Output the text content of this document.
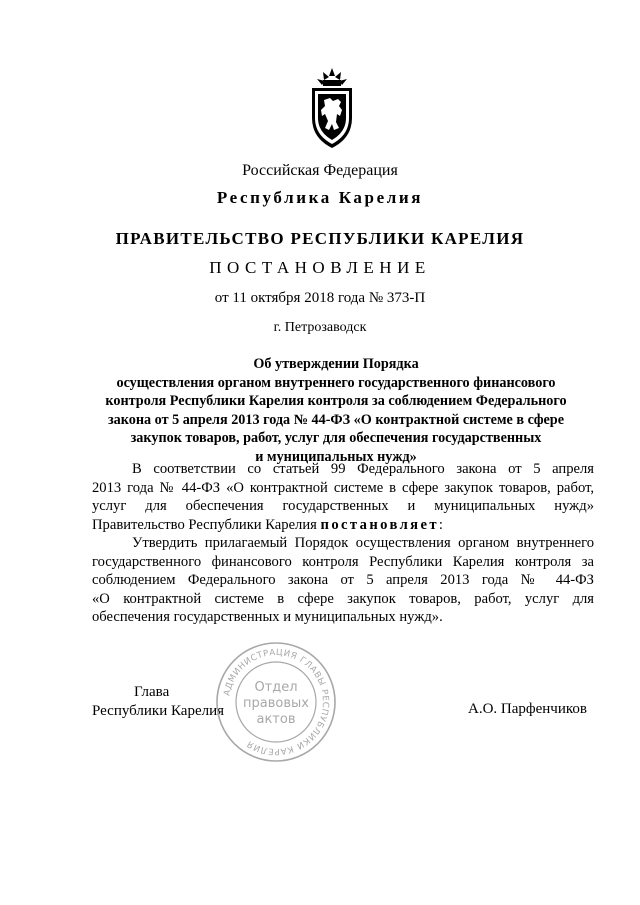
Российская Федерация
Республика Карелия
ПРАВИТЕЛЬСТВО РЕСПУБЛИКИ КАРЕЛИЯ
ПОСТАНОВЛЕНИЕ
от 11 октября 2018 года № 373-П
г. Петрозаводск
Об утверждении Порядка
осуществления органом внутреннего государственного финансового
контроля Республики Карелия контроля за соблюдением Федерального
закона от 5 апреля 2013 года № 44-ФЗ «О контрактной системе в сфере
закупок товаров, работ, услуг для обеспечения государственных
и муниципальных нужд»
В соответствии со статьей 99 Федерального закона от 5 апреля
2013 года № 44-ФЗ «О контрактной системе в сфере закупок товаров, работ,
услуг для обеспечения государственных и муниципальных нужд»
Правительство Республики Карелия постановляет:
Утвердить прилагаемый Порядок осуществления органом внутреннего
государственного финансового контроля Республики Карелия контроля за
соблюдением Федерального закона от 5 апреля 2013 года № 44-ФЗ
«О контрактной системе в сфере закупок товаров, работ, услуг для
обеспечения государственных и муниципальных нужд».
Глава
Республики Карелия	А.О. Парфенчиков
АДМИНИСТРАЦИЯ ГЛАВЫ РЕСПУБЛИКИ КАРЕЛИЯ
Отдел
правовых
актов
